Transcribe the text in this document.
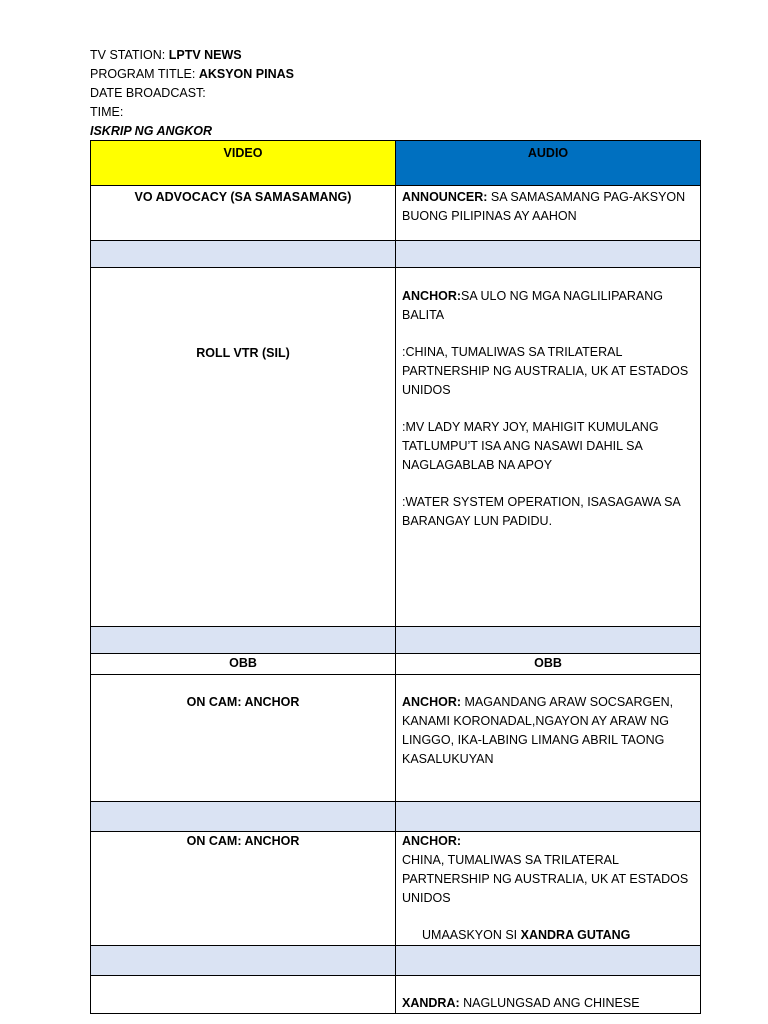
TV STATION: LPTV NEWS
PROGRAM TITLE: AKSYON PINAS
DATE BROADCAST:
TIME:
ISKRIP NG ANGKOR
VIDEO	AUDIO
VO ADVOCACY (SA SAMASAMANG)	ANNOUNCER: SA SAMASAMANG PAG-AKSYON BUONG PILIPINAS AY AAHON

ROLL VTR (SIL)	ANCHOR:SA ULO NG MGA NAGLILIPARANG BALITA

:CHINA, TUMALIWAS SA TRILATERAL PARTNERSHIP NG AUSTRALIA, UK AT ESTADOS UNIDOS

:MV LADY MARY JOY, MAHIGIT KUMULANG TATLUMPU’T ISA ANG NASAWI DAHIL SA NAGLAGABLAB NA APOY

:WATER SYSTEM OPERATION, ISASAGAWA SA BARANGAY LUN PADIDU.

OBB	OBB
ON CAM: ANCHOR	ANCHOR: MAGANDANG ARAW SOCSARGEN, KANAMI KORONADAL,NGAYON AY ARAW NG LINGGO, IKA-LABING LIMANG ABRIL TAONG KASALUKUYAN

ON CAM: ANCHOR	ANCHOR:

CHINA, TUMALIWAS SA TRILATERAL PARTNERSHIP NG AUSTRALIA, UK AT ESTADOS UNIDOS

UMAASKYON SI XANDRA GUTANG

	XANDRA: NAGLUNGSAD ANG CHINESE
